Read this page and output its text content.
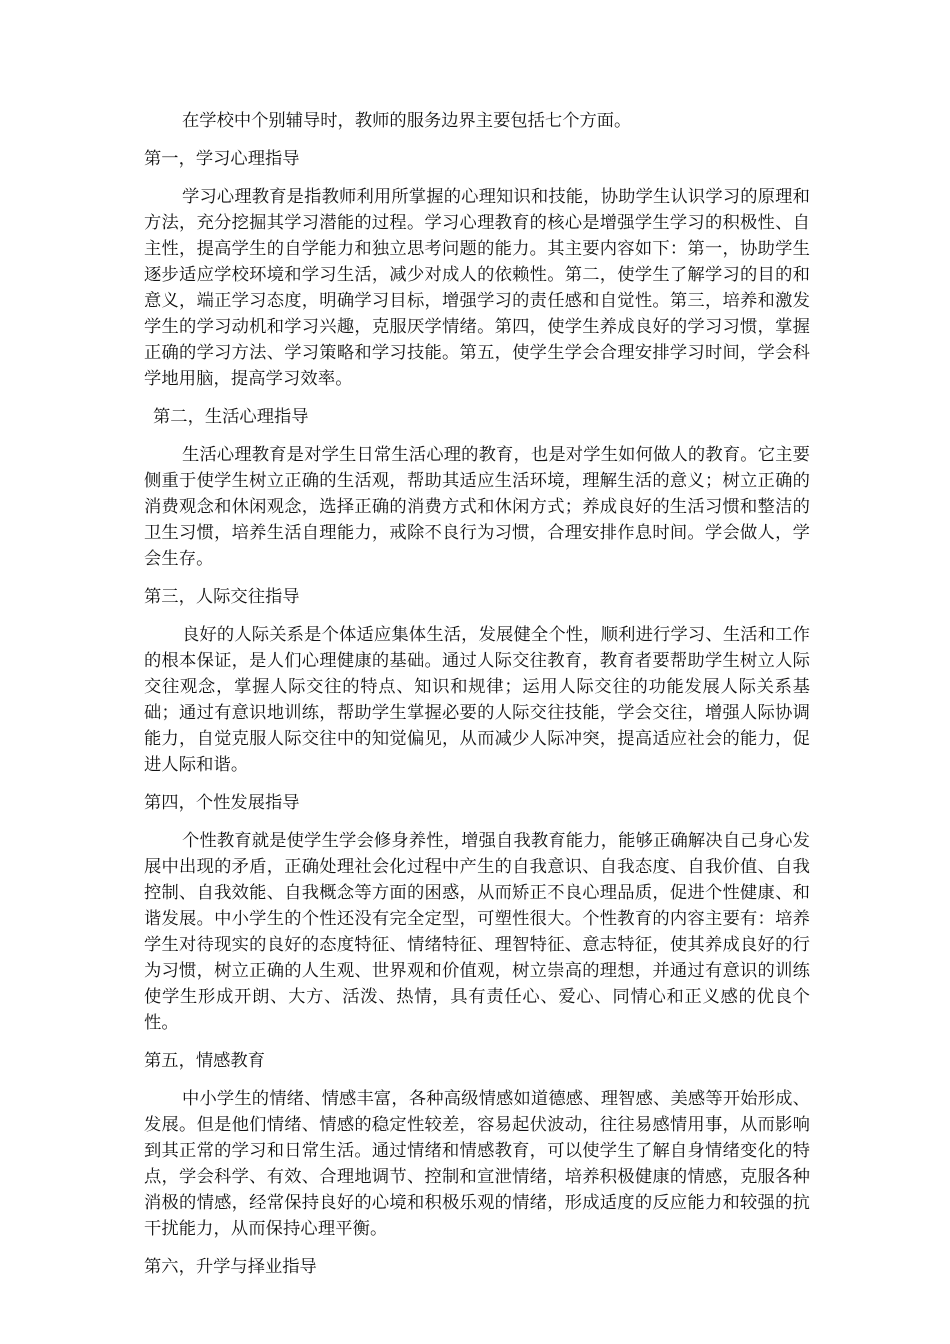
在学校中个别辅导时，教师的服务边界主要包括七个方面。

第一，学习心理指导

学习心理教育是指教师利用所掌握的心理知识和技能，协助学生认识学习的原理和方法，充分挖掘其学习潜能的过程。学习心理教育的核心是增强学生学习的积极性、自主性，提高学生的自学能力和独立思考问题的能力。其主要内容如下：第一，协助学生逐步适应学校环境和学习生活，减少对成人的依赖性。第二，使学生了解学习的目的和意义，端正学习态度，明确学习目标，增强学习的责任感和自觉性。第三，培养和激发学生的学习动机和学习兴趣，克服厌学情绪。第四，使学生养成良好的学习习惯，掌握正确的学习方法、学习策略和学习技能。第五，使学生学会合理安排学习时间，学会科学地用脑，提高学习效率。

第二，生活心理指导

生活心理教育是对学生日常生活心理的教育，也是对学生如何做人的教育。它主要侧重于使学生树立正确的生活观，帮助其适应生活环境，理解生活的意义；树立正确的消费观念和休闲观念，选择正确的消费方式和休闲方式；养成良好的生活习惯和整洁的卫生习惯，培养生活自理能力，戒除不良行为习惯，合理安排作息时间。学会做人，学会生存。

第三，人际交往指导

良好的人际关系是个体适应集体生活，发展健全个性，顺利进行学习、生活和工作的根本保证，是人们心理健康的基础。通过人际交往教育，教育者要帮助学生树立人际交往观念，掌握人际交往的特点、知识和规律；运用人际交往的功能发展人际关系基础；通过有意识地训练，帮助学生掌握必要的人际交往技能，学会交往，增强人际协调能力，自觉克服人际交往中的知觉偏见，从而减少人际冲突，提高适应社会的能力，促进人际和谐。

第四，个性发展指导

个性教育就是使学生学会修身养性，增强自我教育能力，能够正确解决自己身心发展中出现的矛盾，正确处理社会化过程中产生的自我意识、自我态度、自我价值、自我控制、自我效能、自我概念等方面的困惑，从而矫正不良心理品质，促进个性健康、和谐发展。中小学生的个性还没有完全定型，可塑性很大。个性教育的内容主要有：培养学生对待现实的良好的态度特征、情绪特征、理智特征、意志特征，使其养成良好的行为习惯，树立正确的人生观、世界观和价值观，树立崇高的理想，并通过有意识的训练使学生形成开朗、大方、活泼、热情，具有责任心、爱心、同情心和正义感的优良个性。

第五，情感教育

中小学生的情绪、情感丰富，各种高级情感如道德感、理智感、美感等开始形成、发展。但是他们情绪、情感的稳定性较差，容易起伏波动，往往易感情用事，从而影响到其正常的学习和日常生活。通过情绪和情感教育，可以使学生了解自身情绪变化的特点，学会科学、有效、合理地调节、控制和宣泄情绪，培养积极健康的情感，克服各种消极的情感，经常保持良好的心境和积极乐观的情绪，形成适度的反应能力和较强的抗干扰能力，从而保持心理平衡。

第六，升学与择业指导
